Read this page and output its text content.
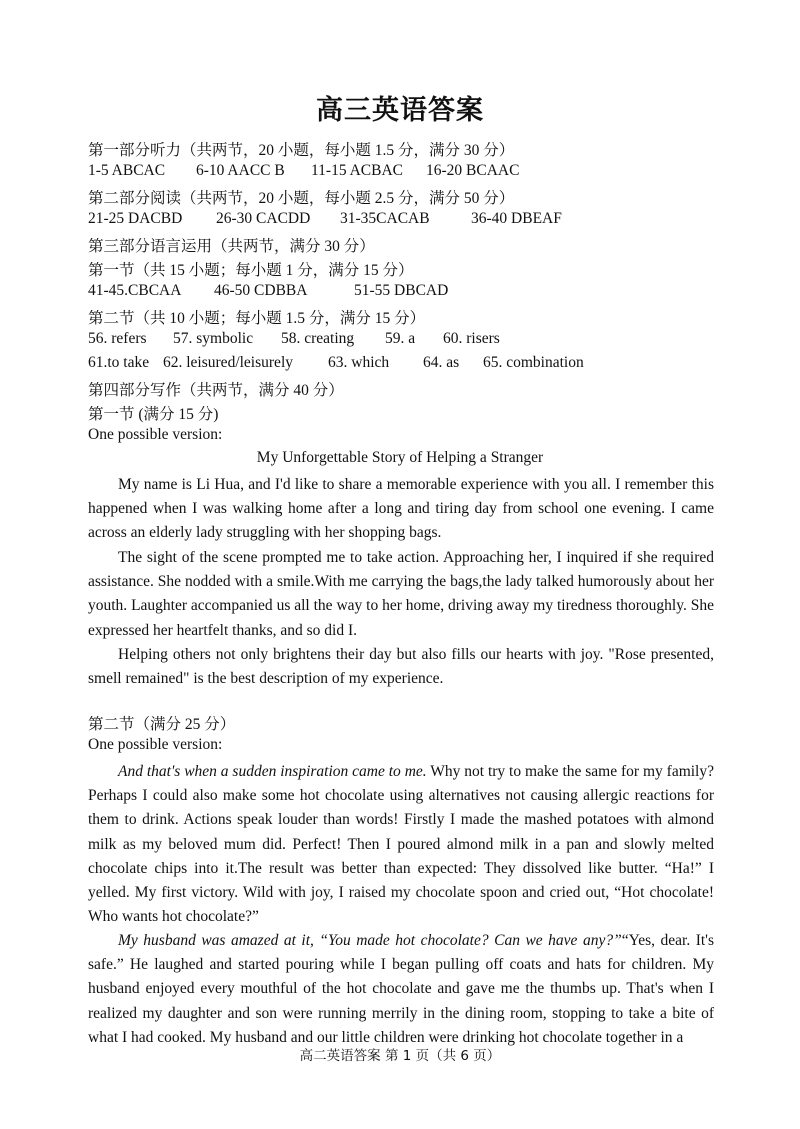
高三英语答案
第一部分听力（共两节，20 小题，每小题 1.5 分，满分 30 分）
1-5 ABCAC 6-10 AACC B 11-15 ACBAC 16-20 BCAAC
第二部分阅读（共两节，20 小题，每小题 2.5 分，满分 50 分）
21-25 DACBD 26-30 CACDD 31-35CACAB	36-40 DBEAF
第三部分语言运用（共两节，满分 30 分）
第一节（共 15 小题；每小题 1 分，满分 15 分）
41-45.CBCAA 46-50 CDBBA	51-55 DBCAD
第二节（共 10 小题；每小题 1.5 分，满分 15 分）
56. refers 57. symbolic 58. creating 59. a 60. risers
61.to take 62. leisured/leisurely 63. which 64. as 65. combination
第四部分写作（共两节，满分 40 分）
第一节 (满分 15 分)
One possible version:
My Unforgettable Story of Helping a Stranger

My name is Li Hua, and I'd like to share a memorable experience with you all. I remember this happened when I was walking home after a long and tiring day from school one evening. I came across an elderly lady struggling with her shopping bags.

The sight of the scene prompted me to take action. Approaching her, I inquired if she required assistance. She nodded with a smile.With me carrying the bags,the lady talked humorously about her youth. Laughter accompanied us all the way to her home, driving away my tiredness thoroughly. She expressed her heartfelt thanks, and so did I.

Helping others not only brightens their day but also fills our hearts with joy. "Rose presented, smell remained" is the best description of my experience.

第二节（满分 25 分）
One possible version:

And that's when a sudden inspiration came to me. Why not try to make the same for my family? Perhaps I could also make some hot chocolate using alternatives not causing allergic reactions for them to drink. Actions speak louder than words! Firstly I made the mashed potatoes with almond milk as my beloved mum did. Perfect! Then I poured almond milk in a pan and slowly melted chocolate chips into it.The result was better than expected: They dissolved like butter. “Ha!” I yelled. My first victory. Wild with joy, I raised my chocolate spoon and cried out, “Hot chocolate! Who wants hot chocolate?”

My husband was amazed at it, “You made hot chocolate? Can we have any?”“Yes, dear. It's safe.” He laughed and started pouring while I began pulling off coats and hats for children. My husband enjoyed every mouthful of the hot chocolate and gave me the thumbs up. That's when I realized my daughter and son were running merrily in the dining room, stopping to take a bite of what I had cooked. My husband and our little children were drinking hot chocolate together in a

高二英语答案 第 1 页（共 6 页）
